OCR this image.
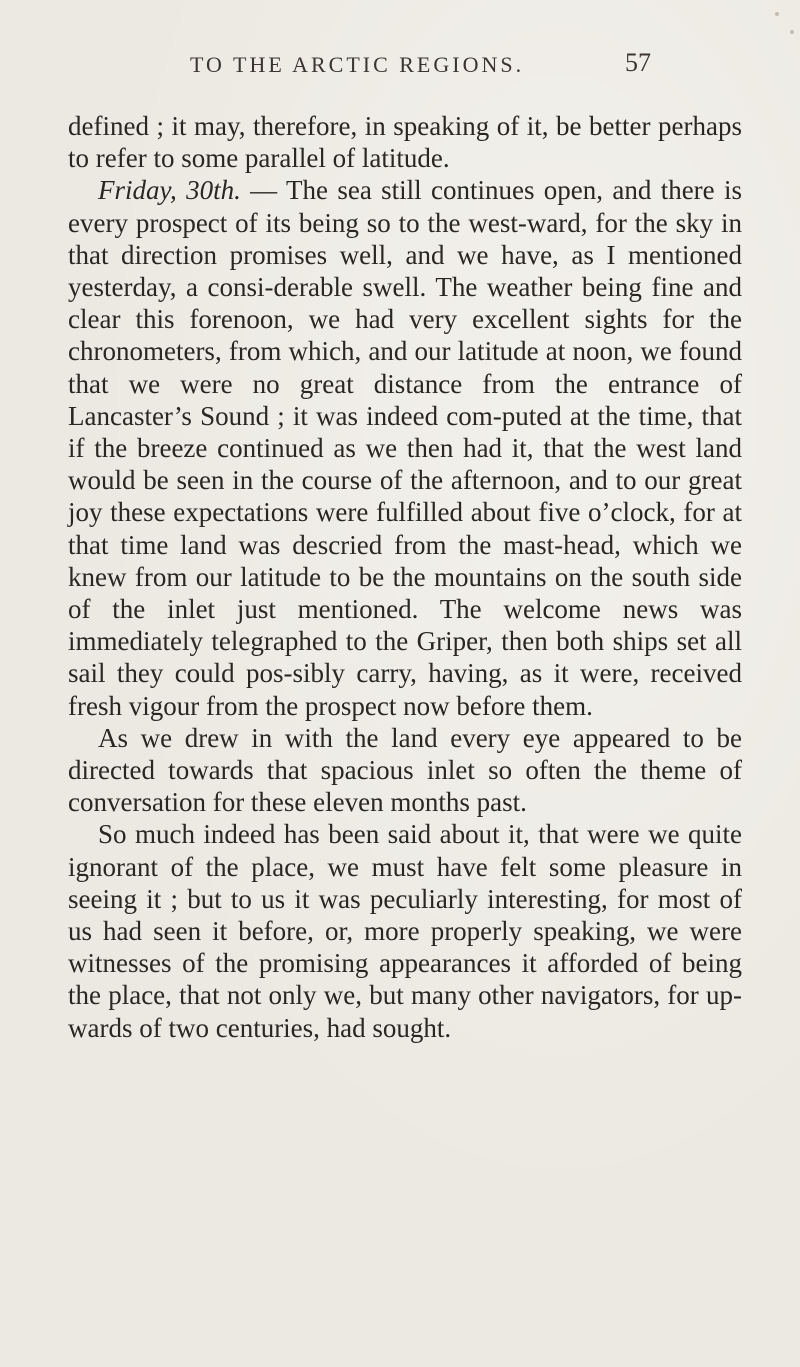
TO THE ARCTIC REGIONS.	57

defined ; it may, therefore, in speaking of it, be better perhaps to refer to some parallel of latitude.

Friday, 30th. — The sea still continues open, and there is every prospect of its being so to the west-ward, for the sky in that direction promises well, and we have, as I mentioned yesterday, a consi-derable swell. The weather being fine and clear this forenoon, we had very excellent sights for the chronometers, from which, and our latitude at noon, we found that we were no great distance from the entrance of Lancaster’s Sound ; it was indeed com-puted at the time, that if the breeze continued as we then had it, that the west land would be seen in the course of the afternoon, and to our great joy these expectations were fulfilled about five o’clock, for at that time land was descried from the mast-head, which we knew from our latitude to be the mountains on the south side of the inlet just mentioned. The welcome news was immediately telegraphed to the Griper, then both ships set all sail they could pos-sibly carry, having, as it were, received fresh vigour from the prospect now before them.

As we drew in with the land every eye appeared to be directed towards that spacious inlet so often the theme of conversation for these eleven months past.

So much indeed has been said about it, that were we quite ignorant of the place, we must have felt some pleasure in seeing it ; but to us it was peculiarly interesting, for most of us had seen it before, or, more properly speaking, we were witnesses of the promising appearances it afforded of being the place, that not only we, but many other navigators, for up-wards of two centuries, had sought.
